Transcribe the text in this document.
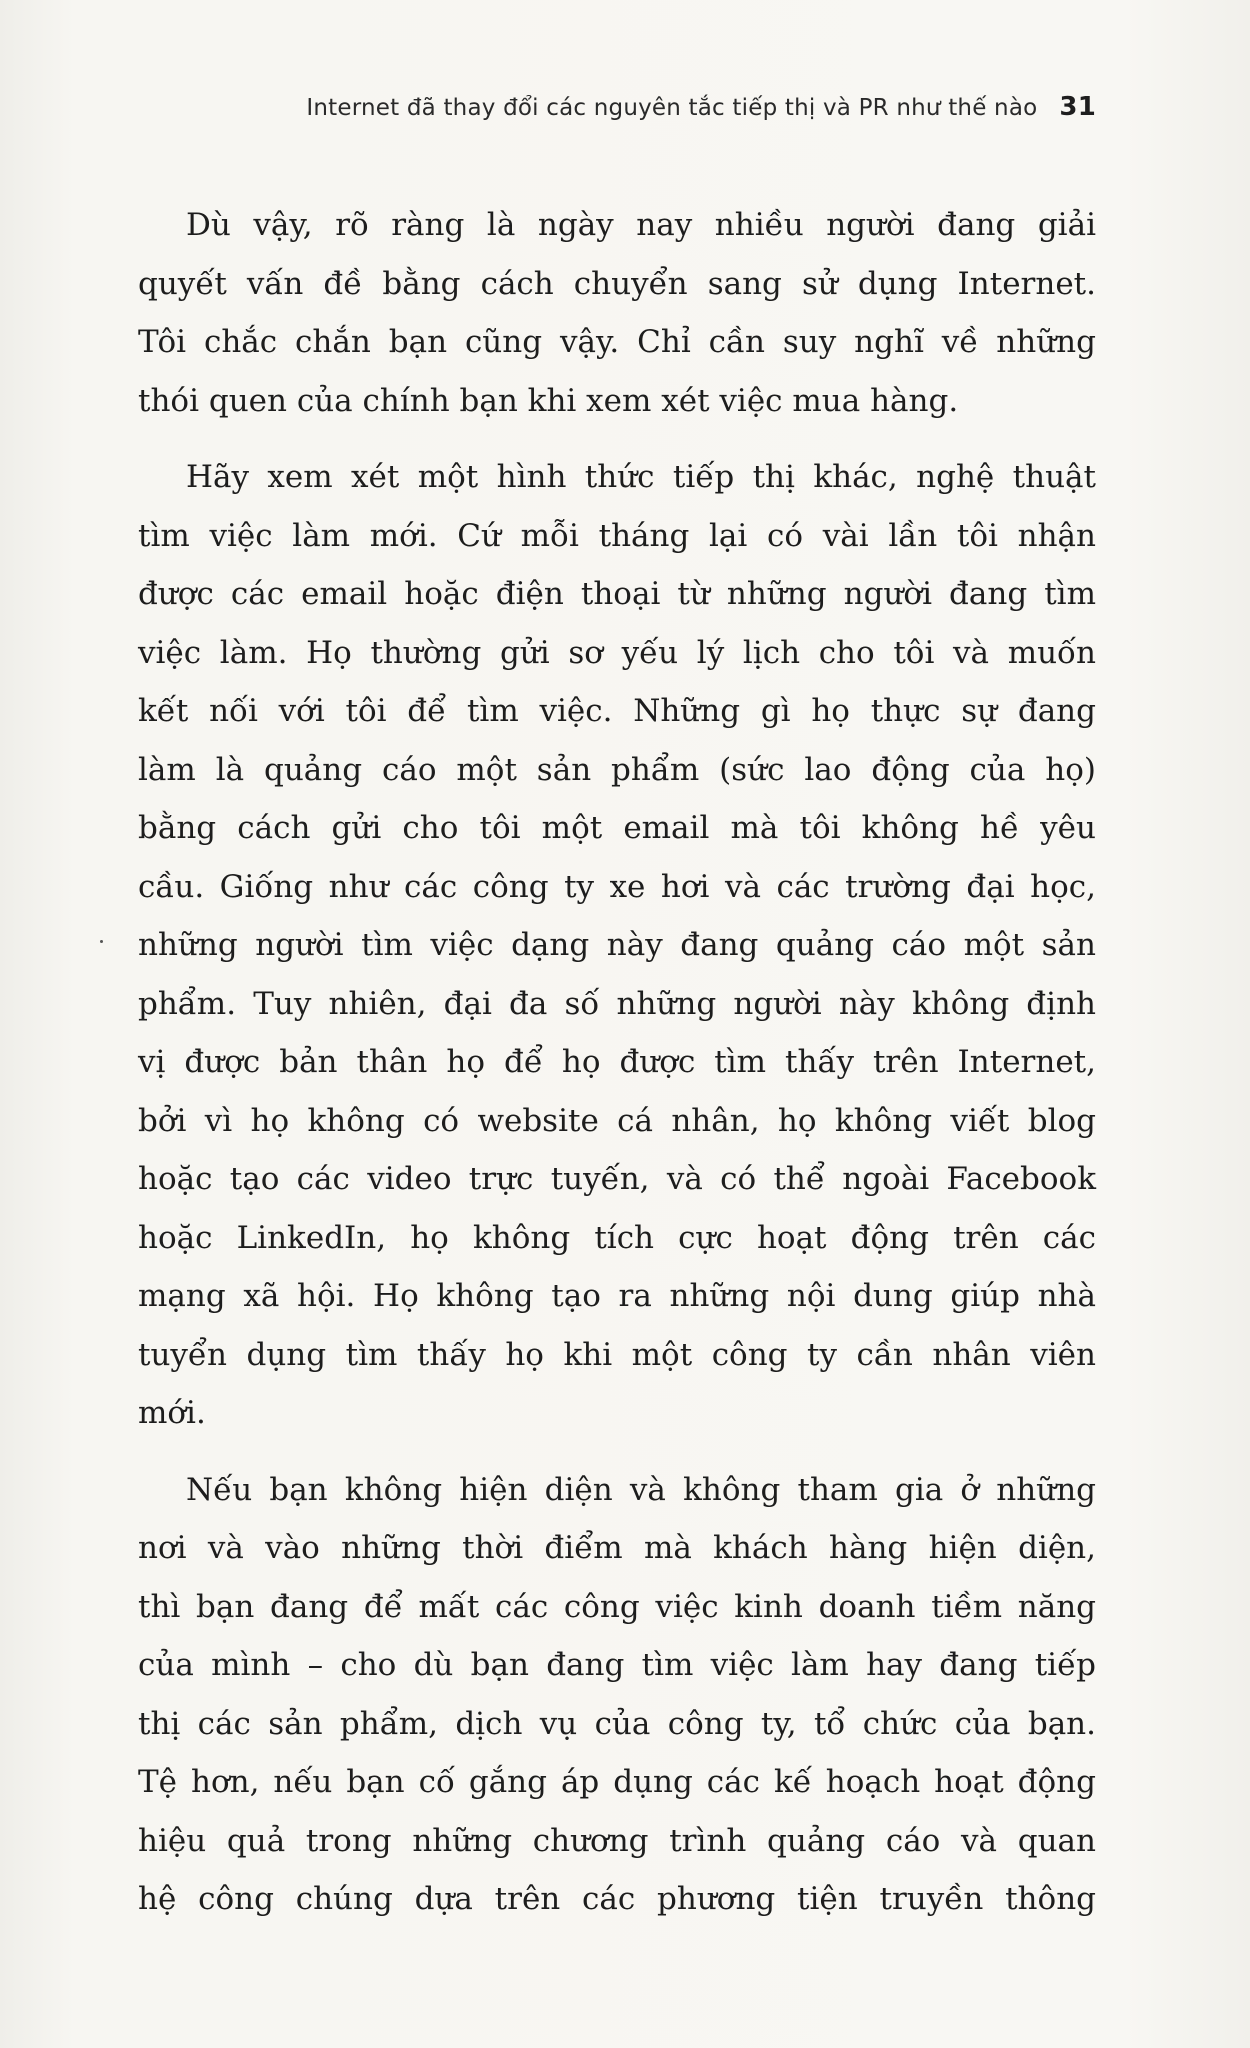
Internet đã thay đổi các nguyên tắc tiếp thị và PR như thế nào 31

Dù vậy, rõ ràng là ngày nay nhiều người đang giải
quyết vấn đề bằng cách chuyển sang sử dụng Internet.
Tôi chắc chắn bạn cũng vậy. Chỉ cần suy nghĩ về những
thói quen của chính bạn khi xem xét việc mua hàng.

Hãy xem xét một hình thức tiếp thị khác, nghệ thuật
tìm việc làm mới. Cứ mỗi tháng lại có vài lần tôi nhận
được các email hoặc điện thoại từ những người đang tìm
việc làm. Họ thường gửi sơ yếu lý lịch cho tôi và muốn
kết nối với tôi để tìm việc. Những gì họ thực sự đang
làm là quảng cáo một sản phẩm (sức lao động của họ)
bằng cách gửi cho tôi một email mà tôi không hề yêu
cầu. Giống như các công ty xe hơi và các trường đại học,
những người tìm việc dạng này đang quảng cáo một sản
phẩm. Tuy nhiên, đại đa số những người này không định
vị được bản thân họ để họ được tìm thấy trên Internet,
bởi vì họ không có website cá nhân, họ không viết blog
hoặc tạo các video trực tuyến, và có thể ngoài Facebook
hoặc LinkedIn, họ không tích cực hoạt động trên các
mạng xã hội. Họ không tạo ra những nội dung giúp nhà
tuyển dụng tìm thấy họ khi một công ty cần nhân viên
mới.

Nếu bạn không hiện diện và không tham gia ở những
nơi và vào những thời điểm mà khách hàng hiện diện,
thì bạn đang để mất các công việc kinh doanh tiềm năng
của mình – cho dù bạn đang tìm việc làm hay đang tiếp
thị các sản phẩm, dịch vụ của công ty, tổ chức của bạn.
Tệ hơn, nếu bạn cố gắng áp dụng các kế hoạch hoạt động
hiệu quả trong những chương trình quảng cáo và quan
hệ công chúng dựa trên các phương tiện truyền thông
